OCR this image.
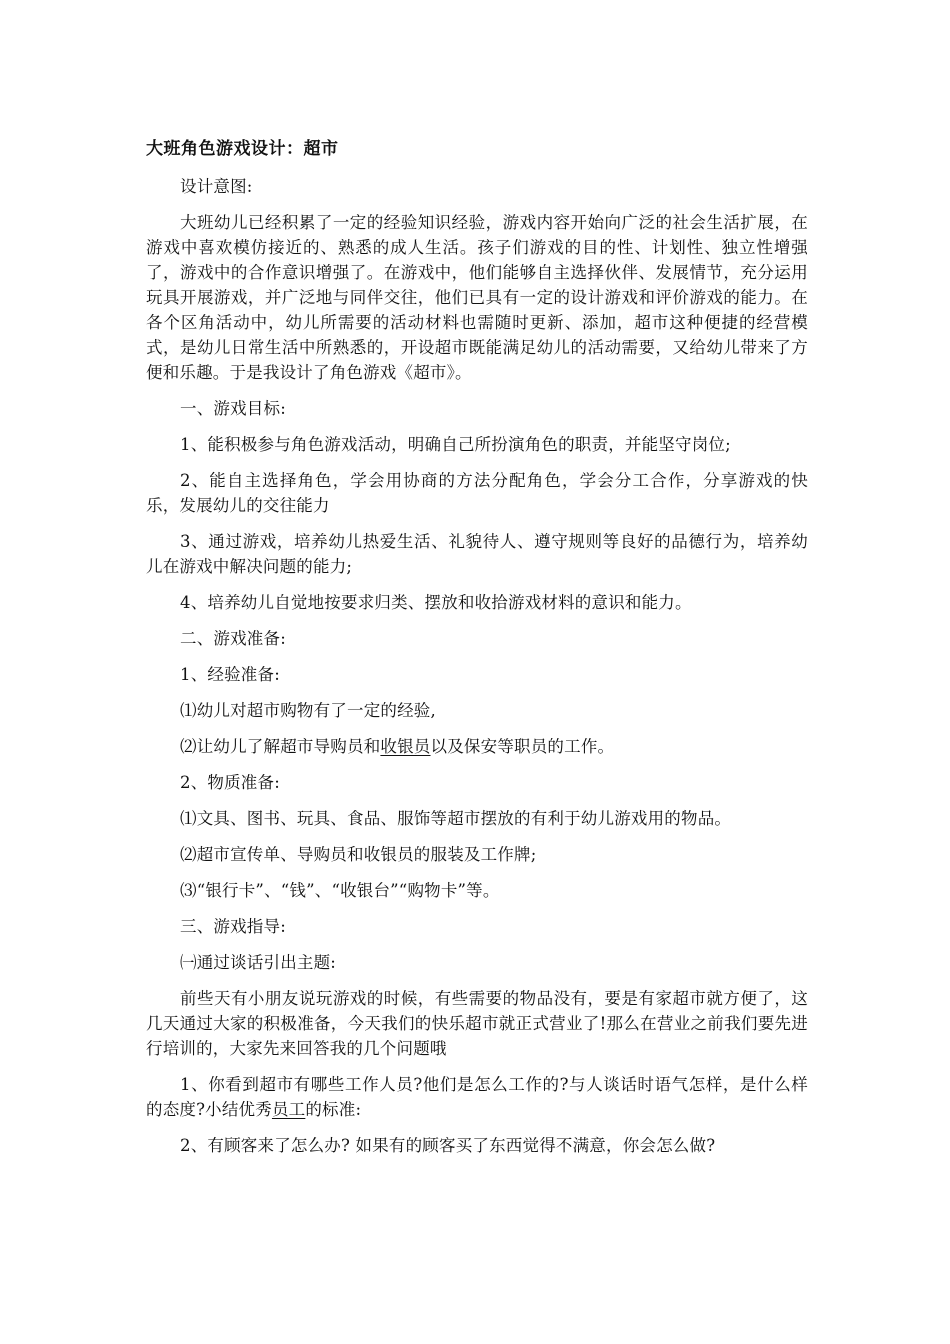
大班角色游戏设计：超市

设计意图:

大班幼儿已经积累了一定的经验知识经验，游戏内容开始向广泛的社会生活扩展，在游戏中喜欢模仿接近的、熟悉的成人生活。孩子们游戏的目的性、计划性、独立性增强了，游戏中的合作意识增强了。在游戏中，他们能够自主选择伙伴、发展情节，充分运用玩具开展游戏，并广泛地与同伴交往，他们已具有一定的设计游戏和评价游戏的能力。在各个区角活动中，幼儿所需要的活动材料也需随时更新、添加，超市这种便捷的经营模式，是幼儿日常生活中所熟悉的，开设超市既能满足幼儿的活动需要，又给幼儿带来了方便和乐趣。于是我设计了角色游戏《超市》。

一、游戏目标:

1、能积极参与角色游戏活动，明确自己所扮演角色的职责，并能坚守岗位;

2、能自主选择角色，学会用协商的方法分配角色，学会分工合作，分享游戏的快乐，发展幼儿的交往能力

3、通过游戏，培养幼儿热爱生活、礼貌待人、遵守规则等良好的品德行为，培养幼儿在游戏中解决问题的能力;

4、培养幼儿自觉地按要求归类、摆放和收拾游戏材料的意识和能力。

二、游戏准备:

1、经验准备:

⑴幼儿对超市购物有了一定的经验,

⑵让幼儿了解超市导购员和收银员以及保安等职员的工作。

2、物质准备:

⑴文具、图书、玩具、食品、服饰等超市摆放的有利于幼儿游戏用的物品。

⑵超市宣传单、导购员和收银员的服装及工作牌;

⑶“银行卡”、“钱”、“收银台”“购物卡”等。

三、游戏指导:

㈠通过谈话引出主题:

前些天有小朋友说玩游戏的时候，有些需要的物品没有，要是有家超市就方便了，这几天通过大家的积极准备，今天我们的快乐超市就正式营业了!那么在营业之前我们要先进行培训的，大家先来回答我的几个问题哦

1、你看到超市有哪些工作人员?他们是怎么工作的?与人谈话时语气怎样，是什么样的态度?小结优秀员工的标准:

2、有顾客来了怎么办? 如果有的顾客买了东西觉得不满意，你会怎么做?
